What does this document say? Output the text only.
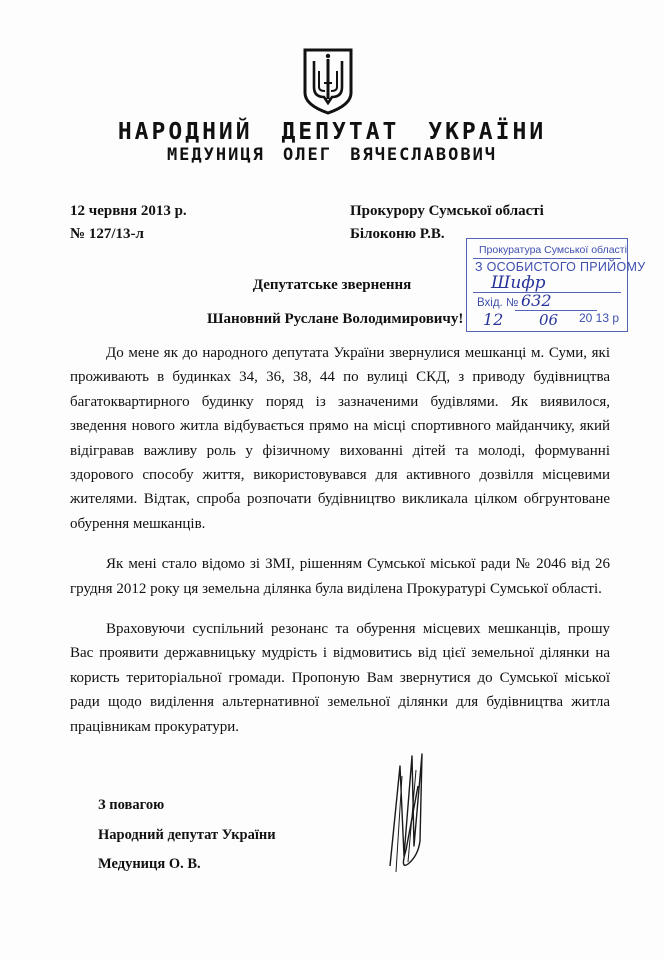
НАРОДНИЙ ДЕПУТАТ УКРАЇНИ
МЕДУНИЦЯ ОЛЕГ ВЯЧЕСЛАВОВИЧ
12 червня 2013 р.
№ 127/13-л
Прокурору Сумської області
Білоконю Р.В.
Депутатське звернення
Шановний Руслане Володимировичу!

До мене як до народного депутата України звернулися мешканці м. Суми, які проживають в будинках 34, 36, 38, 44 по вулиці СКД, з приводу будівництва багатоквартирного будинку поряд із зазначеними будівлями. Як виявилося, зведення нового житла відбувається прямо на місці спортивного майданчику, який відігравав важливу роль у фізичному вихованні дітей та молоді, формуванні здорового способу життя, використовувався для активного дозвілля місцевими жителями. Відтак, спроба розпочати будівництво викликала цілком обгрунтоване обурення мешканців.

Як мені стало відомо зі ЗМІ, рішенням Сумської міської ради № 2046 від 26 грудня 2012 року ця земельна ділянка була виділена Прокуратурі Сумської області.

Враховуючи суспільний резонанс та обурення місцевих мешканців, прошу Вас проявити державницьку мудрість і відмовитись від цієї земельної ділянки на користь територіальної громади. Пропоную Вам звернутися до Сумської міської ради щодо виділення альтернативної земельної ділянки для будівництва житла працівникам прокуратури.

З повагою
Народний депутат України
Медуниця О. В.
Прокуратура Сумської області
З ОСОБИСТОГО ПРИЙОМУ
Шифр
Вхід. № 632
12 06 20 13 р
